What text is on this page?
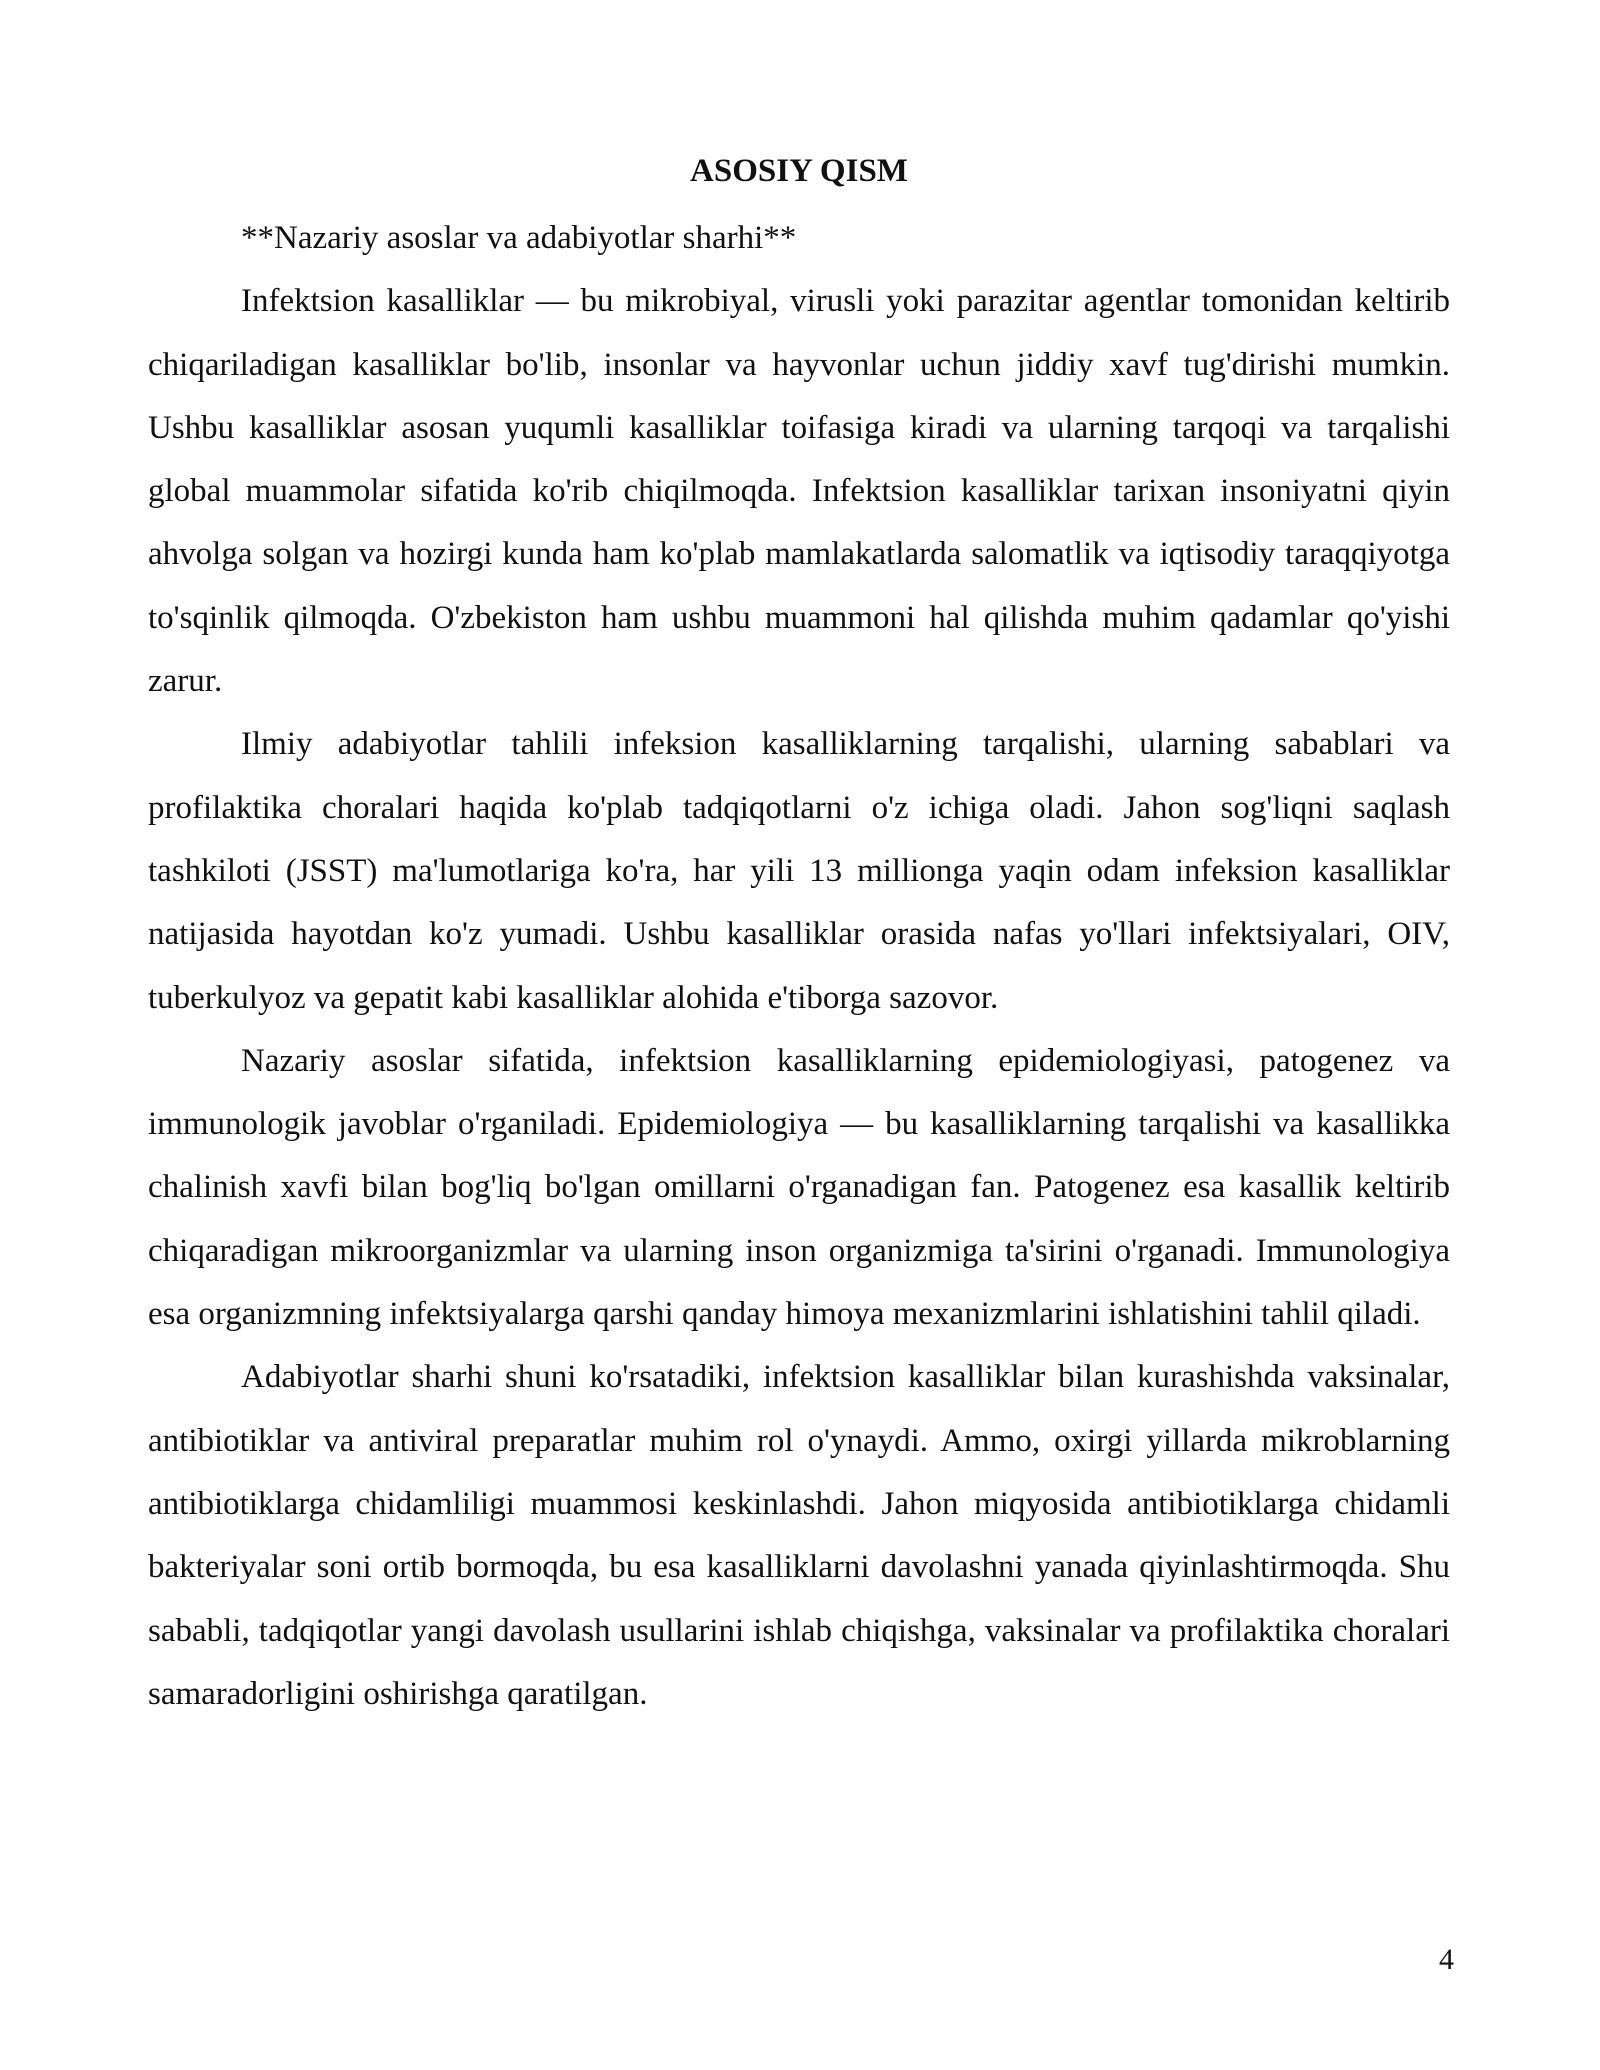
ASOSIY QISM

**Nazariy asoslar va adabiyotlar sharhi**

Infektsion kasalliklar — bu mikrobiyal, virusli yoki parazitar agentlar tomonidan keltirib chiqariladigan kasalliklar bo'lib, insonlar va hayvonlar uchun jiddiy xavf tug'dirishi mumkin. Ushbu kasalliklar asosan yuqumli kasalliklar toifasiga kiradi va ularning tarqoqi va tarqalishi global muammolar sifatida ko'rib chiqilmoqda. Infektsion kasalliklar tarixan insoniyatni qiyin ahvolga solgan va hozirgi kunda ham ko'plab mamlakatlarda salomatlik va iqtisodiy taraqqiyotga to'sqinlik qilmoqda. O'zbekiston ham ushbu muammoni hal qilishda muhim qadamlar qo'yishi zarur.

Ilmiy adabiyotlar tahlili infeksion kasalliklarning tarqalishi, ularning sabablari va profilaktika choralari haqida ko'plab tadqiqotlarni o'z ichiga oladi. Jahon sog'liqni saqlash tashkiloti (JSST) ma'lumotlariga ko'ra, har yili 13 millionga yaqin odam infeksion kasalliklar natijasida hayotdan ko'z yumadi. Ushbu kasalliklar orasida nafas yo'llari infektsiyalari, OIV, tuberkulyoz va gepatit kabi kasalliklar alohida e'tiborga sazovor.

Nazariy asoslar sifatida, infektsion kasalliklarning epidemiologiyasi, patogenez va immunologik javoblar o'rganiladi. Epidemiologiya — bu kasalliklarning tarqalishi va kasallikka chalinish xavfi bilan bog'liq bo'lgan omillarni o'rganadigan fan. Patogenez esa kasallik keltirib chiqaradigan mikroorganizmlar va ularning inson organizmiga ta'sirini o'rganadi. Immunologiya esa organizmning infektsiyalarga qarshi qanday himoya mexanizmlarini ishlatishini tahlil qiladi.

Adabiyotlar sharhi shuni ko'rsatadiki, infektsion kasalliklar bilan kurashishda vaksinalar, antibiotiklar va antiviral preparatlar muhim rol o'ynaydi. Ammo, oxirgi yillarda mikroblarning antibiotiklarga chidamliligi muammosi keskinlashdi. Jahon miqyosida antibiotiklarga chidamli bakteriyalar soni ortib bormoqda, bu esa kasalliklarni davolashni yanada qiyinlashtirmoqda. Shu sababli, tadqiqotlar yangi davolash usullarini ishlab chiqishga, vaksinalar va profilaktika choralari samaradorligini oshirishga qaratilgan.

4
